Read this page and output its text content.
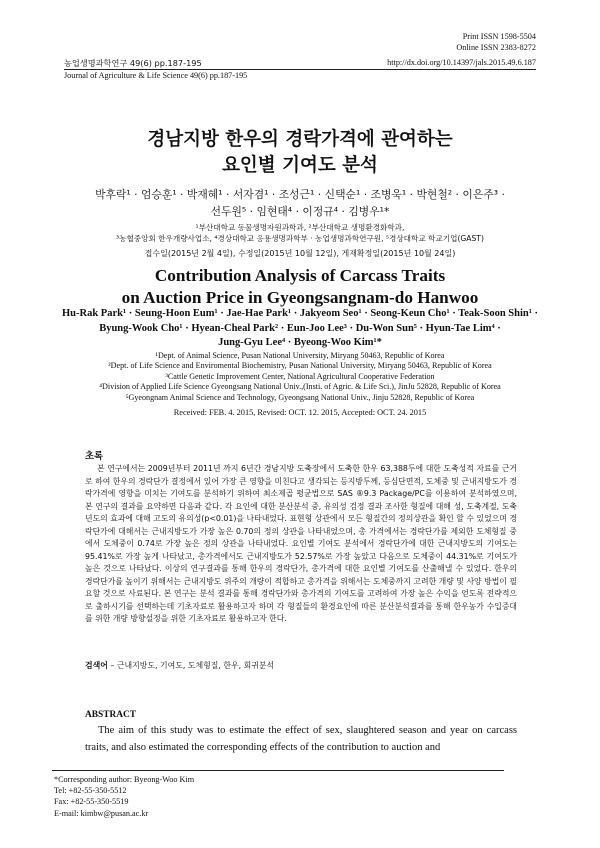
Print ISSN 1598-5504
Online ISSN 2383-8272
농업생명과학연구 49(6) pp.187-195	http://dx.doi.org/10.14397/jals.2015.49.6.187
Journal of Agriculture & Life Science 49(6) pp.187-195
경남지방 한우의 경락가격에 관여하는
요인별 기여도 분석
박후락¹ · 엄승훈¹ · 박재혜¹ · 서자겸¹ · 조성근¹ · 신택순¹ · 조병욱¹ · 박현철² · 이은주³ ·
선두원⁵ · 임현태⁴ · 이정규⁴ · 김병우¹*
¹부산대학교 동물생명자원과학과, ²부산대학교 생명환경화학과,
³농협중앙회 한우개량사업소, ⁴경상대학교 응용생명과학부 · 농업생명과학연구원, ⁵경상대학교 학교기업(GAST)
접수일(2015년 2월 4일), 수정일(2015년 10월 12일), 게재확정일(2015년 10월 24일)
Contribution Analysis of Carcass Traits
on Auction Price in Gyeongsangnam-do Hanwoo
Hu-Rak Park¹ · Seung-Hoon Eum¹ · Jae-Hae Park¹ · Jakyeom Seo¹ · Seong-Keun Cho¹ · Teak-Soon Shin¹ ·
Byung-Wook Cho¹ · Hyean-Cheal Park² · Eun-Joo Lee³ · Du-Won Sun⁵ · Hyun-Tae Lim⁴ ·
Jung-Gyu Lee⁴ · Byeong-Woo Kim¹*
¹Dept. of Animal Science, Pusan National University, Miryang 50463, Republic of Korea
²Dept. of Life Science and Enviromental Biochemistry, Pusan National University, Miryang 50463, Republic of Korea
³Cattle Genetic Improvement Center, National Agricultural Cooperative Federation
⁴Division of Applied Life Science Gyeongsang National Univ.,(Insti. of Agric. & Life Sci.), JinJu 52828, Republic of Korea
⁵Gyeongnam Animal Science and Technology, Gyeongsang National Univ., Jinju 52828, Republic of Korea
Received: FEB. 4. 2015, Revised: OCT. 12. 2015, Accepted: OCT. 24. 2015
초록
본 연구에서는 2009년부터 2011년 까지 6년간 경남지방 도축장에서 도축한 한우 63,388두에 대한 도축성적 자료를 근거로 하여 한우의 경락단가 결정에서 있어 가장 큰 영향을 미친다고 생각되는 등지방두께, 등심단면적, 도체중 및 근내지방도가 경락가격에 영향을 미치는 기여도를 분석하기 위하여 최소제곱 평균법으로 SAS ®9.3 Package/PC를 이용하여 분석하였으며, 본 연구의 결과를 요약하면 다음과 같다. 각 요인에 대한 분산분석 중, 유의성 검정 결과 조사한 형질에 대해 성, 도축계절, 도축년도의 효과에 대해 고도의 유의성(p<0.01)을 나타내었다. 표현형 상관에서 모든 형질간의 정의상관을 확인 할 수 있었으며 경락단가에 대해서는 근내지방도가 가장 높은 0.70의 정의 상관을 나타내었으며, 총 가격에서는 경락단가를 제외한 도체형질 중에서 도체중이 0.74로 가장 높은 정의 상관을 나타내었다. 요인별 기여도 분석에서 경락단가에 대한 근내지방도의 기여도는 95.41%로 가장 높게 나타났고, 총가격에서도 근내지방도가 52.57%로 가장 높았고 다음으로 도체중이 44.31%로 기여도가 높은 것으로 나타났다. 이상의 연구결과를 통해 한우의 경락단가, 총가격에 대한 요인별 기여도를 산출해낼 수 있었다. 한우의 경락단가를 높이기 위해서는 근내지방도 위주의 개량이 적합하고 총가격을 위해서는 도체중까지 고려한 개량 및 사양 방법이 필요할 것으로 사료된다. 본 연구는 분석 결과를 통해 경락단가와 총가격의 기여도를 고려하여 가장 높은 수익을 얻도록 전략적으로 출하시기를 선택하는데 기초자료로 활용하고자 하며 각 형질들의 환경요인에 따른 분산분석결과를 통해 한우농가 수입증대를 위한 개량 방향설정을 위한 기초자료로 활용하고자 한다.
검색어 – 근내지방도, 기여도, 도체형질, 한우, 회귀분석
ABSTRACT
The aim of this study was to estimate the effect of sex, slaughtered season and year on carcass traits, and also estimated the corresponding effects of the contribution to auction and
*Corresponding author: Byeong-Woo Kim
Tel: +82-55-350-5512
Fax: +82-55-350-5519
E-mail: kimbw@pusan.ac.kr
